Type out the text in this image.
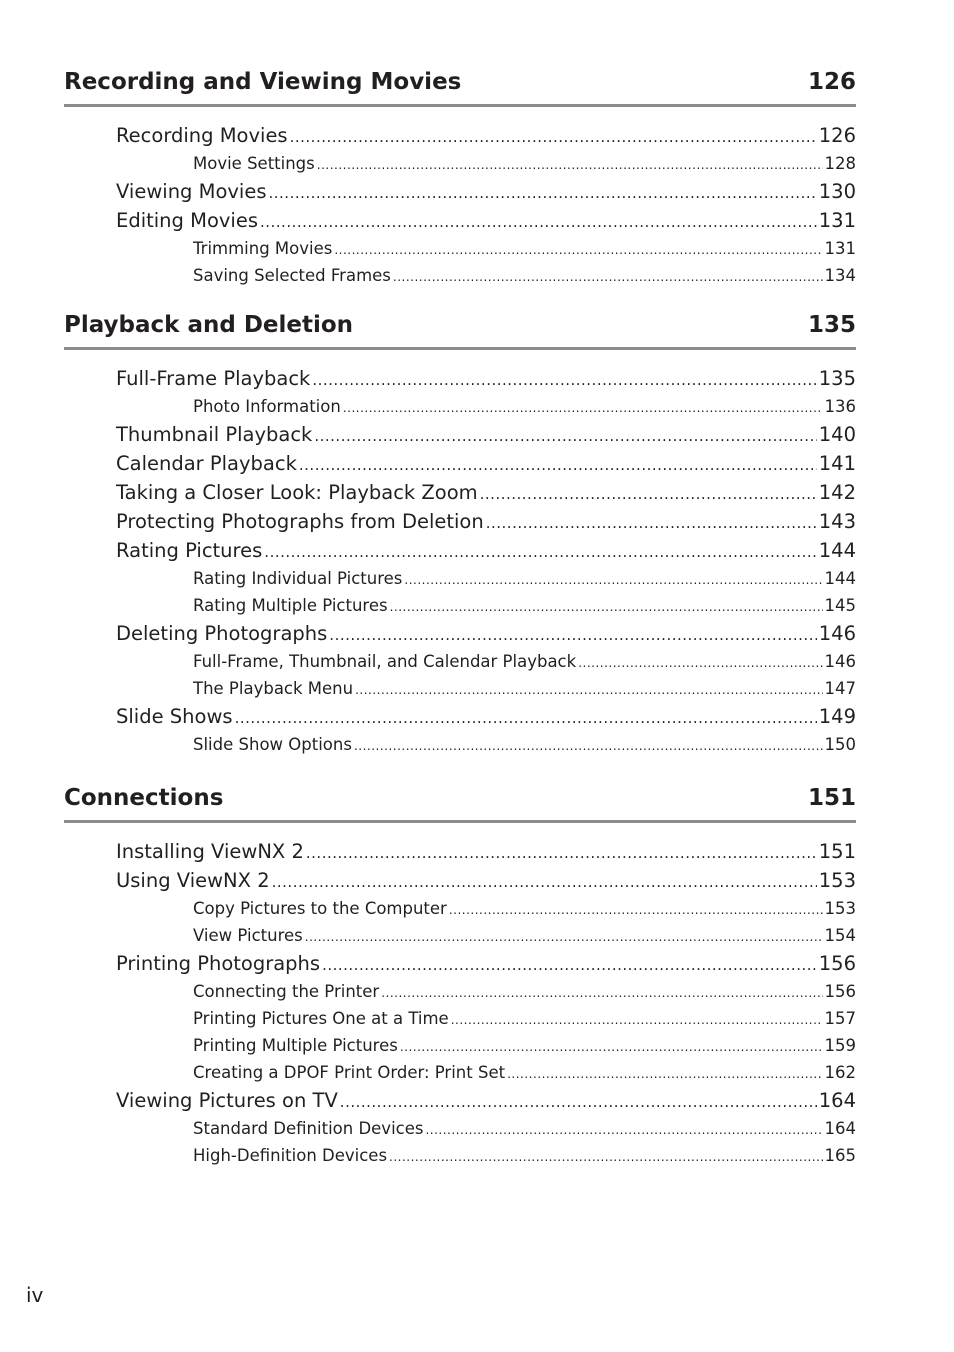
Recording and Viewing Movies	126
Recording Movies .....	126
Movie Settings .....	128
Viewing Movies .....	130
Editing Movies .....	131
Trimming Movies .....	131
Saving Selected Frames .....	134
Playback and Deletion	135
Full-Frame Playback .....	135
Photo Information .....	136
Thumbnail Playback .....	140
Calendar Playback .....	141
Taking a Closer Look: Playback Zoom .....	142
Protecting Photographs from Deletion .....	143
Rating Pictures .....	144
Rating Individual Pictures .....	144
Rating Multiple Pictures .....	145
Deleting Photographs .....	146
Full-Frame, Thumbnail, and Calendar Playback .....	146
The Playback Menu .....	147
Slide Shows .....	149
Slide Show Options .....	150
Connections	151
Installing ViewNX 2 .....	151
Using ViewNX 2 .....	153
Copy Pictures to the Computer .....	153
View Pictures .....	154
Printing Photographs .....	156
Connecting the Printer .....	156
Printing Pictures One at a Time .....	157
Printing Multiple Pictures .....	159
Creating a DPOF Print Order: Print Set .....	162
Viewing Pictures on TV .....	164
Standard Definition Devices .....	164
High-Definition Devices .....	165
iv
